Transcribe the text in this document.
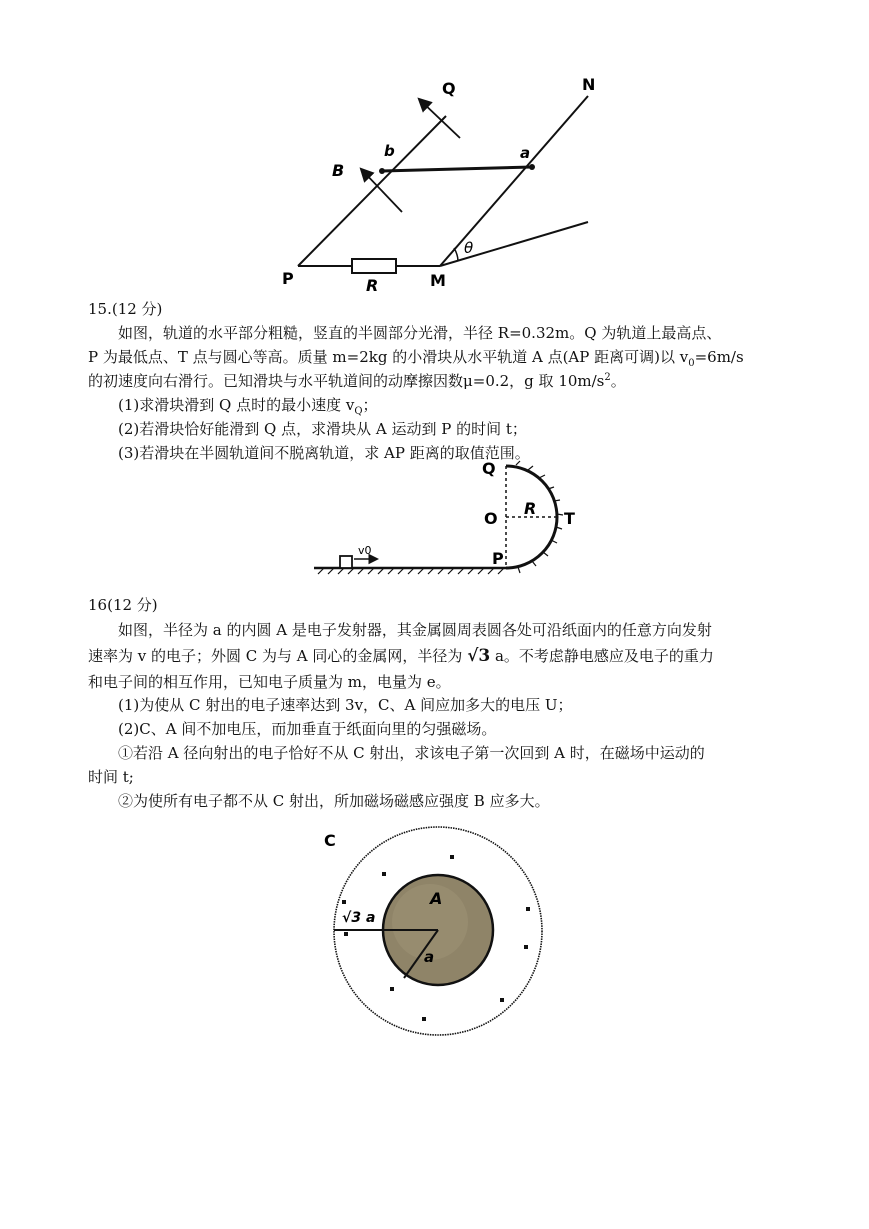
Q	N
b	a
B
θ
P	R	M
15.(12 分)
如图，轨道的水平部分粗糙，竖直的半圆部分光滑，半径 R=0.32m。Q 为轨道上最高点、
P 为最低点、T 点与圆心等高。质量 m=2kg 的小滑块从水平轨道 A 点(AP 距离可调)以 $v_0=6m/s$
的初速度向右滑行。已知滑块与水平轨道间的动摩擦因数μ=0.2，g 取 $10m/s^2$。
(1)求滑块滑到 Q 点时的最小速度 $v_Q$；
(2)若滑块恰好能滑到 Q 点，求滑块从 A 运动到 P 的时间 t；
(3)若滑块在半圆轨道间不脱离轨道，求 AP 距离的取值范围。
v0
Q
O
R
T
P
16(12 分)
如图，半径为 a 的内圆 A 是电子发射器，其金属圆周表圆各处可沿纸面内的任意方向发射
速率为 v 的电子；外圆 C 为与 A 同心的金属网，半径为 √3 a。不考虑静电感应及电子的重力
和电子间的相互作用，已知电子质量为 m，电量为 e。
(1)为使从 C 射出的电子速率达到 3v，C、A 间应加多大的电压 U；
(2)C、A 间不加电压，而加垂直于纸面向里的匀强磁场。
①若沿 A 径向射出的电子恰好不从 C 射出，求该电子第一次回到 A 时，在磁场中运动的
时间 t;
②为使所有电子都不从 C 射出，所加磁场磁感应强度 B 应多大。
C
A
√3 a
a
